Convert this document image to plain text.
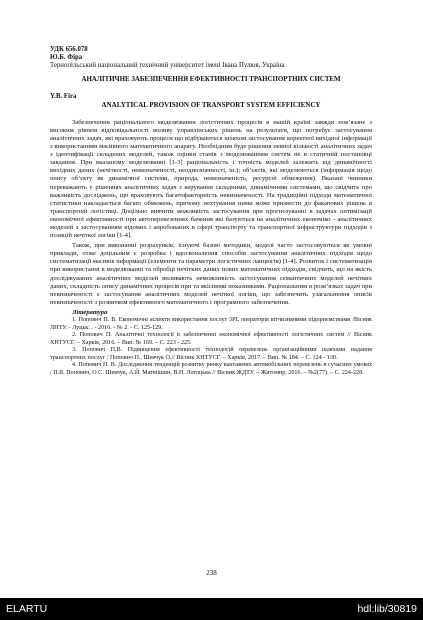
УДК 656.078
Ю.Б. Фіра
Тернопільський національний технічний університет імені Івана Пулюя, Україна
АНАЛІТИЧНЕ ЗАБЕЗПЕЧЕННЯ ЕФЕКТИВНОСТІ ТРАНСПОРТНИХ СИСТЕМ
Y.B. Fira
ANALYTICAL PROVISION OF TRANSPORT SYSTEM EFFICIENCY

Забезпечення раціонального моделювання логістичних процесів в нашій країні завжди пов’язане з високим рівнем відповідальності впливу управлінських рішень на результати, що потребує застосування аналітичних задач, які враховують процеси що відбуваються шляхом застосування коректної вихідної інформації з використанням масивного математичного апарату. Необхідним буде рішення певної кількості аналітичних задач з ідентифікації складених моделей, також оцінки станів з моделюванням систем не в статичній постановці завдання. При вказаному моделюванні [1-3] раціональність і точність моделей залежить від динамічності вихідних даних (нечіткості, невизначеності, неоднозначності, ін.); об’єктів, які моделюються (інформація щодо опису об’єкту як динамічної системи, природа, невизначеність, ресурсні обмеження). Вказані чинники переважають у рішеннях аналітичних задач з керування складними, динамічними системами, що свідчить про важливість досліджень, що враховують багатофакторність невизначеності. На традиційні підходи математичної статистики накладається багато обмежень, причому нехтування ними може призвести до факапових рішень в транспортній логістиці. Доцільно вивчити можливість застосування при прогнозуванні в задачах оптимізації економічної ефективності при автоперевезеннях бачення які базуються на аналітичних економіко - аналітичних моделей з застосуванням відомих і апробованих в сфері транспорту та транспортної інфраструктури підходів з позицій нечіткої логіки [1-4].

Також, при виконанні розрахунків, існуючі базові методики, моделі часто застосовуються як умовні приклади, отже доцільним є розробка і вдосконалення способів застосування аналітичних підходів щодо систематизації масивів інформації (елементи та параметри логістичних ланцюгів) [1-4]. Розвиток і систематизація при використанні в моделюванні та обробці нечітких даних нових математичних підходів, свідчить, що на якість досліджуваних аналітичних моделей впливають неможливість застосування семантичних моделей нечітких даних, складність опису динамічних процесів при та якісними показниками. Раціональним в розв’язках задач при невизначеності є застосування аналітичних моделей нечіткої логіки, що забезпечить узагальнення описів невизначеності з розвитком ефективного математичного і програмного забезпечення.

Література

1. Поповнч П. В. Економічні аспекти використання послуг 3PL операторів вітчизняними підприємствами /Вісник ЛНТУ. - Луцьк: . - 2016. - № 2. - С. 125-129.

2. Попович П. Аналітичні технології в забезпеченні економічної ефективності логістичних систем // Вісник ХНТУСГ. – Харків, 2016. – Вип. № 169. – С. 223 - 225.

3. Попович П.В. Підвищення ефективності технологій перевезень організаційними шляхами надання транспортних послуг / Попович П., Шевчук О.// Вісник ХНТУСГ. – Харків, 2017. – Вип. № 184. – С. 124 - 130.

4. Попович П. В. Дослідження тенденцій розвитку ринку вантажних автомобільних перевезень в сучасних умовах / П.В. Попович, О.С. Шевчук, А.Й. Матвіішин, В.Н. Лотоцька // Вісник ЖДТУ. – Житомир, 2016. – №2(77). – С. 224-228.

238
ELARTU	hdl:lib/30819
